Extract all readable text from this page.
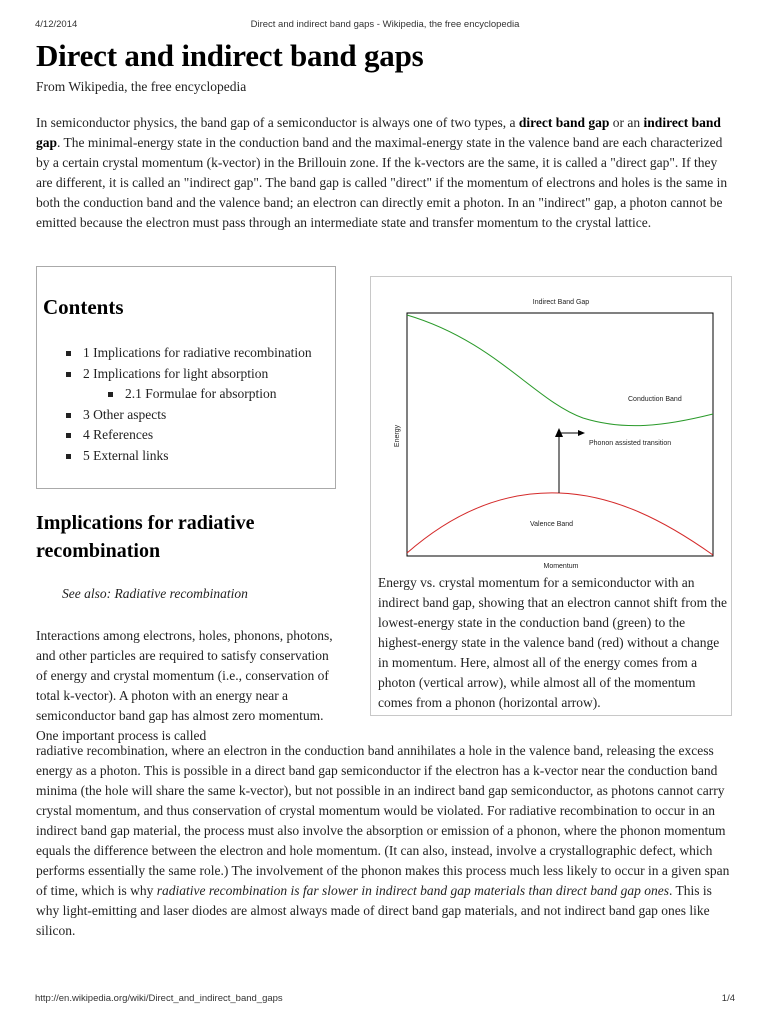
4/12/2014	Direct and indirect band gaps - Wikipedia, the free encyclopedia
Direct and indirect band gaps
From Wikipedia, the free encyclopedia

In semiconductor physics, the band gap of a semiconductor is always one of two types, a direct band gap or an indirect band gap. The minimal-energy state in the conduction band and the maximal-energy state in the valence band are each characterized by a certain crystal momentum (k-vector) in the Brillouin zone. If the k-vectors are the same, it is called a "direct gap". If they are different, it is called an "indirect gap". The band gap is called "direct" if the momentum of electrons and holes is the same in both the conduction band and the valence band; an electron can directly emit a photon. In an "indirect" gap, a photon cannot be emitted because the electron must pass through an intermediate state and transfer momentum to the crystal lattice.

Contents
1 Implications for radiative recombination
2 Implications for light absorption
2.1 Formulae for absorption
3 Other aspects
4 References
5 External links
Indirect Band Gap
Energy
Momentum
Conduction Band
Phonon assisted transition
Valence Band

Energy vs. crystal momentum for a semiconductor with an indirect band gap, showing that an electron cannot shift from the lowest-energy state in the conduction band (green) to the highest-energy state in the valence band (red) without a change in momentum. Here, almost all of the energy comes from a photon (vertical arrow), while almost all of the momentum comes from a phonon (horizontal arrow).

Implications for radiative recombination
See also: Radiative recombination

Interactions among electrons, holes, phonons, photons, and other particles are required to satisfy conservation of energy and crystal momentum (i.e., conservation of total k-vector). A photon with an energy near a semiconductor band gap has almost zero momentum. One important process is called

radiative recombination, where an electron in the conduction band annihilates a hole in the valence band, releasing the excess energy as a photon. This is possible in a direct band gap semiconductor if the electron has a k-vector near the conduction band minima (the hole will share the same k-vector), but not possible in an indirect band gap semiconductor, as photons cannot carry crystal momentum, and thus conservation of crystal momentum would be violated. For radiative recombination to occur in an indirect band gap material, the process must also involve the absorption or emission of a phonon, where the phonon momentum equals the difference between the electron and hole momentum. (It can also, instead, involve a crystallographic defect, which performs essentially the same role.) The involvement of the phonon makes this process much less likely to occur in a given span of time, which is why radiative recombination is far slower in indirect band gap materials than direct band gap ones. This is why light-emitting and laser diodes are almost always made of direct band gap materials, and not indirect band gap ones like silicon.

http://en.wikipedia.org/wiki/Direct_and_indirect_band_gaps	1/4
